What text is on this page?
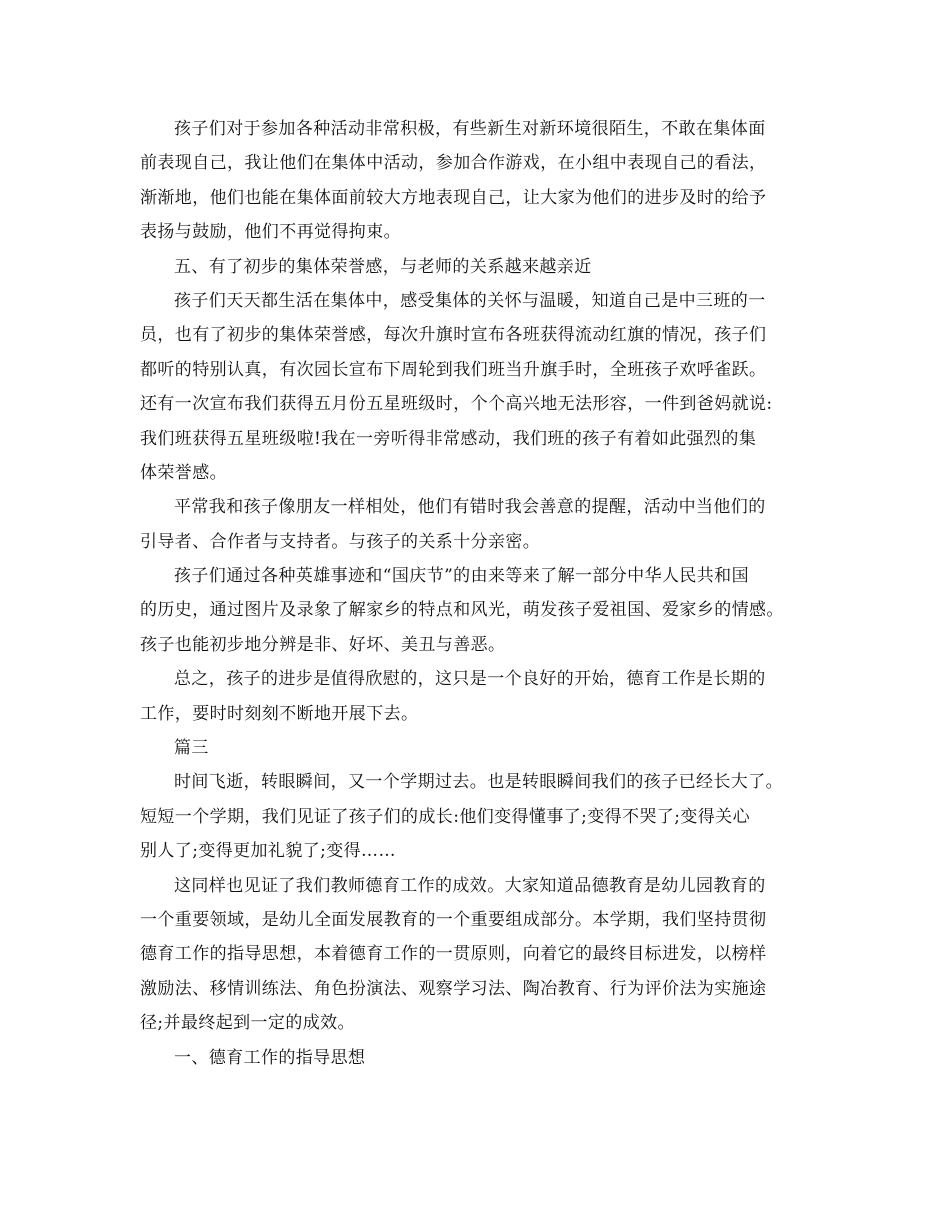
孩子们对于参加各种活动非常积极，有些新生对新环境很陌生，不敢在集体面
前表现自己，我让他们在集体中活动，参加合作游戏，在小组中表现自己的看法，
渐渐地，他们也能在集体面前较大方地表现自己，让大家为他们的进步及时的给予
表扬与鼓励，他们不再觉得拘束。
五、有了初步的集体荣誉感，与老师的关系越来越亲近
孩子们天天都生活在集体中，感受集体的关怀与温暖，知道自己是中三班的一
员，也有了初步的集体荣誉感，每次升旗时宣布各班获得流动红旗的情况，孩子们
都听的特别认真，有次园长宣布下周轮到我们班当升旗手时，全班孩子欢呼雀跃。
还有一次宣布我们获得五月份五星班级时，个个高兴地无法形容，一件到爸妈就说:
我们班获得五星班级啦!我在一旁听得非常感动，我们班的孩子有着如此强烈的集
体荣誉感。
平常我和孩子像朋友一样相处，他们有错时我会善意的提醒，活动中当他们的
引导者、合作者与支持者。与孩子的关系十分亲密。
孩子们通过各种英雄事迹和“国庆节”的由来等来了解一部分中华人民共和国
的历史，通过图片及录象了解家乡的特点和风光，萌发孩子爱祖国、爱家乡的情感。
孩子也能初步地分辨是非、好坏、美丑与善恶。
总之，孩子的进步是值得欣慰的，这只是一个良好的开始，德育工作是长期的
工作，要时时刻刻不断地开展下去。
篇三
时间飞逝，转眼瞬间，又一个学期过去。也是转眼瞬间我们的孩子已经长大了。
短短一个学期，我们见证了孩子们的成长:他们变得懂事了;变得不哭了;变得关心
别人了;变得更加礼貌了;变得……
这同样也见证了我们教师德育工作的成效。大家知道品德教育是幼儿园教育的
一个重要领域，是幼儿全面发展教育的一个重要组成部分。本学期，我们坚持贯彻
德育工作的指导思想，本着德育工作的一贯原则，向着它的最终目标进发，以榜样
激励法、移情训练法、角色扮演法、观察学习法、陶冶教育、行为评价法为实施途
径;并最终起到一定的成效。
一、德育工作的指导思想
